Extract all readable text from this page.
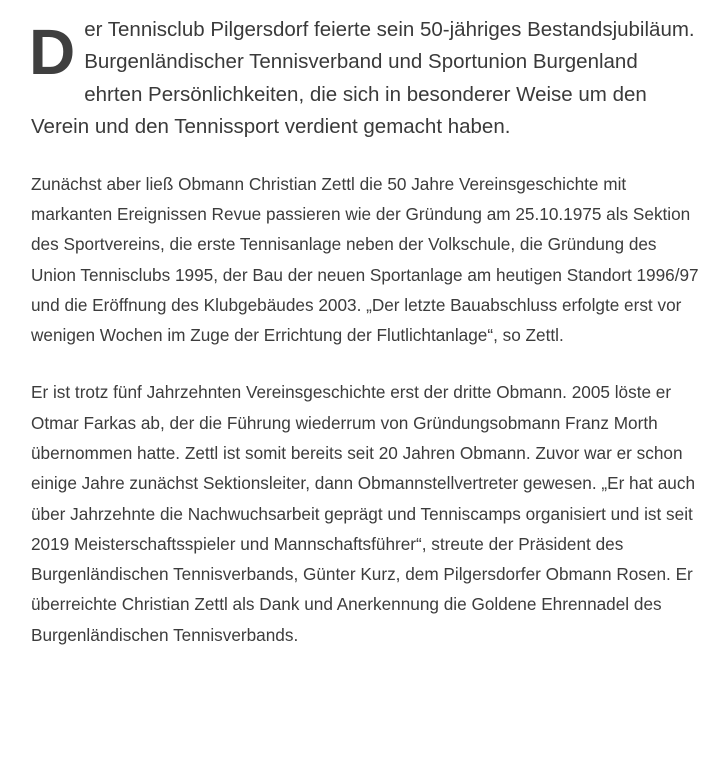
D er Tennisclub Pilgersdorf feierte sein 50-jähriges Bestandsjubiläum. Burgenländischer Tennisverband und Sportunion Burgenland ehrten Persönlichkeiten, die sich in besonderer Weise um den Verein und den Tennissport verdient gemacht haben.

Zunächst aber ließ Obmann Christian Zettl die 50 Jahre Vereinsgeschichte mit markanten Ereignissen Revue passieren wie der Gründung am 25.10.1975 als Sektion des Sportvereins, die erste Tennisanlage neben der Volkschule, die Gründung des Union Tennisclubs 1995, der Bau der neuen Sportanlage am heutigen Standort 1996/97 und die Eröffnung des Klubgebäudes 2003. „Der letzte Bauabschluss erfolgte erst vor wenigen Wochen im Zuge der Errichtung der Flutlichtanlage“, so Zettl.

Er ist trotz fünf Jahrzehnten Vereinsgeschichte erst der dritte Obmann. 2005 löste er Otmar Farkas ab, der die Führung wiederrum von Gründungsobmann Franz Morth übernommen hatte. Zettl ist somit bereits seit 20 Jahren Obmann. Zuvor war er schon einige Jahre zunächst Sektionsleiter, dann Obmannstellvertreter gewesen. „Er hat auch über Jahrzehnte die Nachwuchsarbeit geprägt und Tenniscamps organisiert und ist seit 2019 Meisterschaftsspieler und Mannschaftsführer“, streute der Präsident des Burgenländischen Tennisverbands, Günter Kurz, dem Pilgersdorfer Obmann Rosen. Er überreichte Christian Zettl als Dank und Anerkennung die Goldene Ehrennadel des Burgenländischen Tennisverbands.
